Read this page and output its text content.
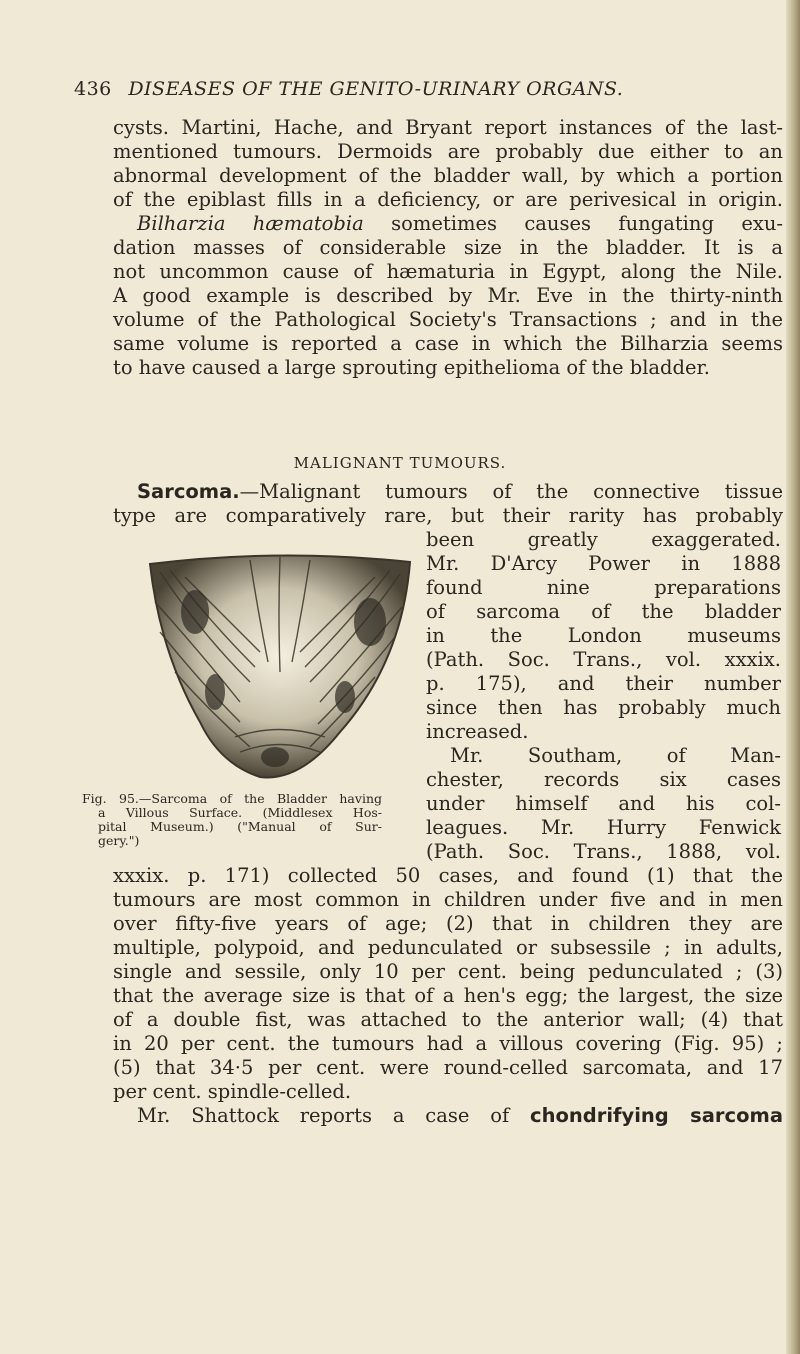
436 DISEASES OF THE GENITO-URINARY ORGANS.
cysts. Martini, Hache, and Bryant report instances of the last-
mentioned tumours. Dermoids are probably due either to an
abnormal development of the bladder wall, by which a portion
of the epiblast fills in a deficiency, or are perivesical in origin.
Bilharzia hæmatobia sometimes causes fungating exu-
dation masses of considerable size in the bladder. It is a
not uncommon cause of hæmaturia in Egypt, along the Nile.
A good example is described by Mr. Eve in the thirty-ninth
volume of the Pathological Society's Transactions ; and in the
same volume is reported a case in which the Bilharzia seems
to have caused a large sprouting epithelioma of the bladder.
MALIGNANT TUMOURS.
Sarcoma.—Malignant tumours of the connective tissue
type are comparatively rare, but their rarity has probably
Fig. 95.—Sarcoma of the Bladder having
a Villous Surface. (Middlesex Hos-
pital Museum.) ("Manual of Sur-
gery.")
been greatly exaggerated.
Mr. D'Arcy Power in 1888
found nine preparations
of sarcoma of the bladder
in the London museums
(Path. Soc. Trans., vol. xxxix.
p. 175), and their number
since then has probably much
increased.
Mr. Southam, of Man-
chester, records six cases
under himself and his col-
leagues. Mr. Hurry Fenwick
(Path. Soc. Trans., 1888, vol.
xxxix. p. 171) collected 50 cases, and found (1) that the
tumours are most common in children under five and in men
over fifty-five years of age; (2) that in children they are
multiple, polypoid, and pedunculated or subsessile ; in adults,
single and sessile, only 10 per cent. being pedunculated ; (3)
that the average size is that of a hen's egg; the largest, the size
of a double fist, was attached to the anterior wall; (4) that
in 20 per cent. the tumours had a villous covering (Fig. 95) ;
(5) that 34·5 per cent. were round-celled sarcomata, and 17
per cent. spindle-celled.
Mr. Shattock reports a case of chondrifying sarcoma
